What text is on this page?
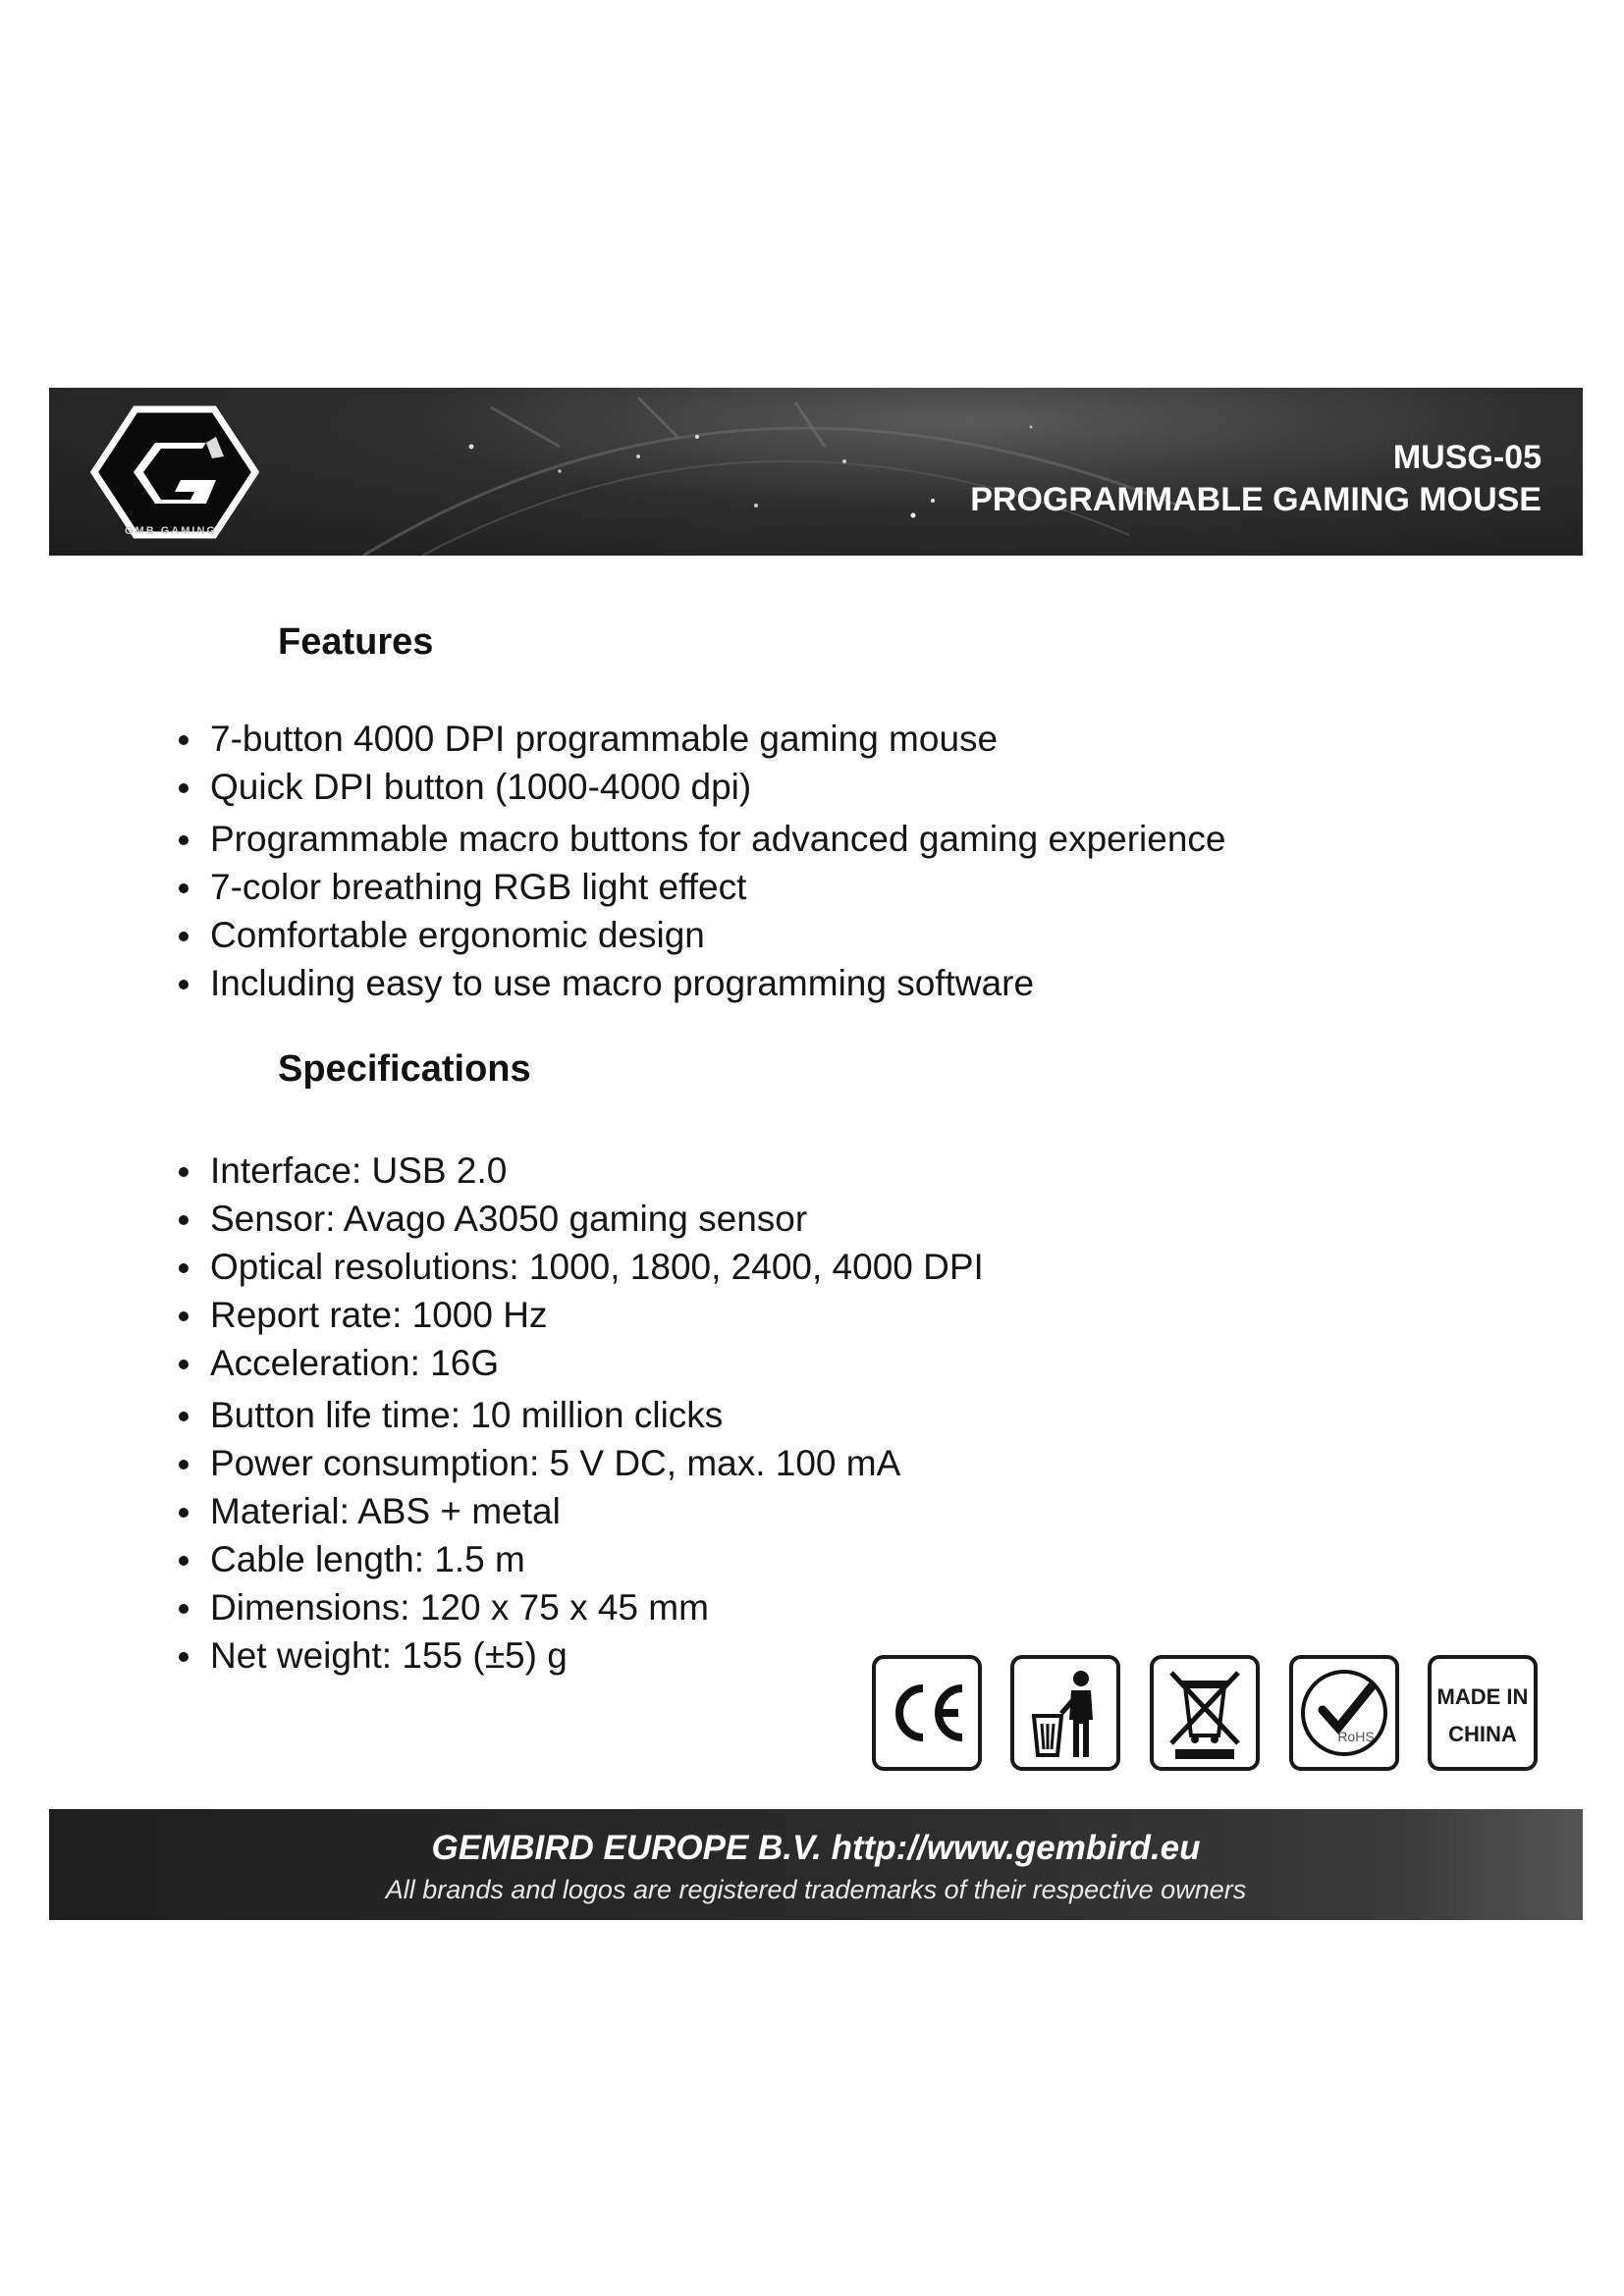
GMB GAMING
MUSG-05
PROGRAMMABLE GAMING MOUSE
Features
7-button 4000 DPI programmable gaming mouse
Quick DPI button (1000-4000 dpi)
Programmable macro buttons for advanced gaming experience
7-color breathing RGB light effect
Comfortable ergonomic design
Including easy to use macro programming software
Specifications
Interface: USB 2.0
Sensor: Avago A3050 gaming sensor
Optical resolutions: 1000, 1800, 2400, 4000 DPI
Report rate: 1000 Hz
Acceleration: 16G
Button life time: 10 million clicks
Power consumption: 5 V DC, max. 100 mA
Material: ABS + metal
Cable length: 1.5 m
Dimensions: 120 x 75 x 45 mm
Net weight: 155 (±5) g
RoHS
MADE IN
CHINA
GEMBIRD EUROPE B.V. http://www.gembird.eu
All brands and logos are registered trademarks of their respective owners
